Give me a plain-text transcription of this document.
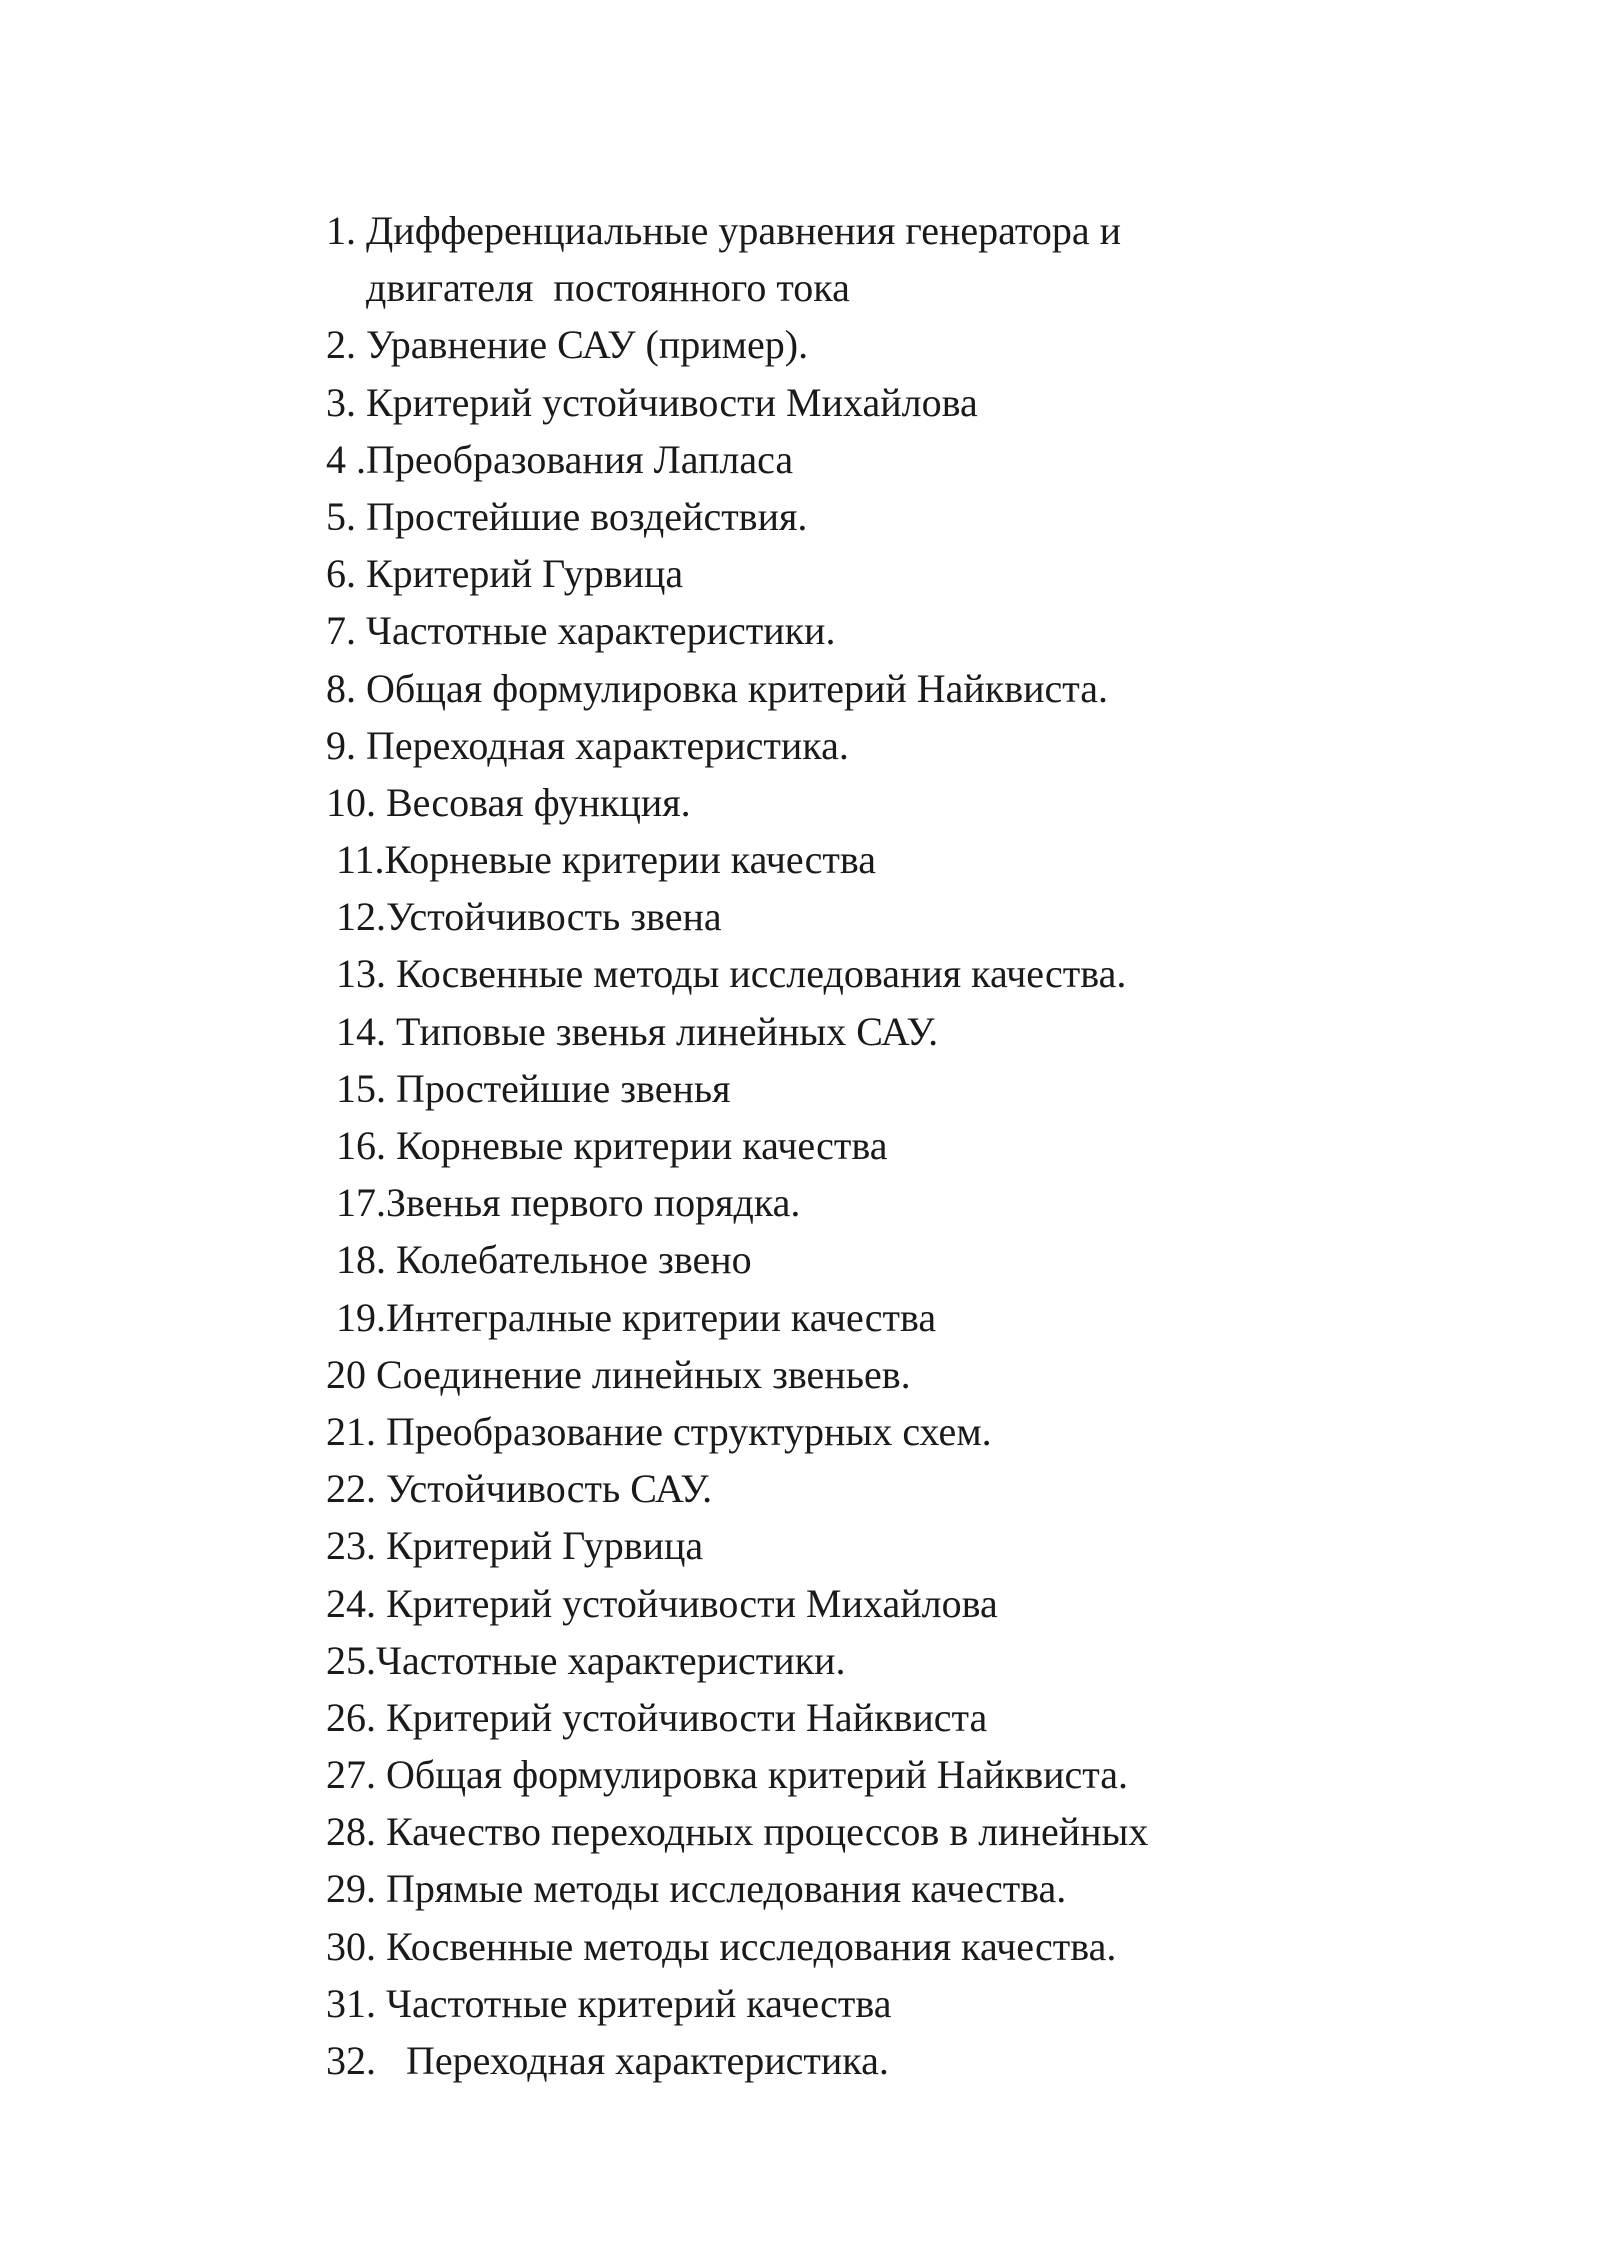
1. Дифференциальные уравнения генератора и
двигателя  постоянного тока
2. Уравнение САУ (пример).
3. Критерий устойчивости Михайлова
4 .Преобразования Лапласа
5. Простейшие воздействия.
6. Критерий Гурвица
7. Частотные характеристики.
8. Общая формулировка критерий Найквиста.
9. Переходная характеристика.
10. Весовая функция.
11.Корневые критерии качества
12.Устойчивость звена
13. Косвенные методы исследования качества.
14. Типовые звенья линейных САУ.
15. Простейшие звенья
16. Корневые критерии качества
17.Звенья первого порядка.
18. Колебательное звено
19.Интегралные критерии качества
20 Соединение линейных звеньев.
21. Преобразование структурных схем.
22. Устойчивость САУ.
23. Критерий Гурвица
24. Критерий устойчивости Михайлова
25.Частотные характеристики.
26. Критерий устойчивости Найквиста
27. Общая формулировка критерий Найквиста.
28. Качество переходных процессов в линейных
29. Прямые методы исследования качества.
30. Косвенные методы исследования качества.
31. Частотные критерий качества
32.   Переходная характеристика.
